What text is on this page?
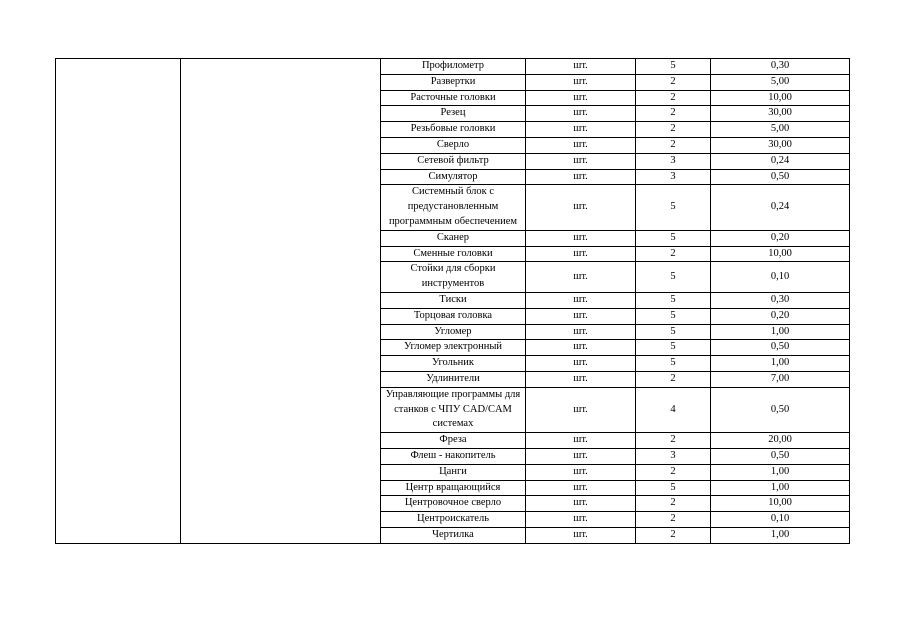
		Профилометр	шт.	5	0,30
		Развертки	шт.	2	5,00
		Расточные головки	шт.	2	10,00
		Резец	шт.	2	30,00
		Резьбовые головки	шт.	2	5,00
		Сверло	шт.	2	30,00
		Сетевой фильтр	шт.	3	0,24
		Симулятор	шт.	3	0,50
		Системный блок с предустановленным программным обеспечением	шт.	5	0,24
		Сканер	шт.	5	0,20
		Сменные головки	шт.	2	10,00
		Стойки для сборки инструментов	шт.	5	0,10
		Тиски	шт.	5	0,30
		Торцовая головка	шт.	5	0,20
		Угломер	шт.	5	1,00
		Угломер электронный	шт.	5	0,50
		Угольник	шт.	5	1,00
		Удлинители	шт.	2	7,00
		Управляющие программы для станков с ЧПУ CAD/CAM системах	шт.	4	0,50
		Фреза	шт.	2	20,00
		Флеш - накопитель	шт.	3	0,50
		Цанги	шт.	2	1,00
		Центр вращающийся	шт.	5	1,00
		Центровочное сверло	шт.	2	10,00
		Центроискатель	шт.	2	0,10
		Чертилка	шт.	2	1,00
